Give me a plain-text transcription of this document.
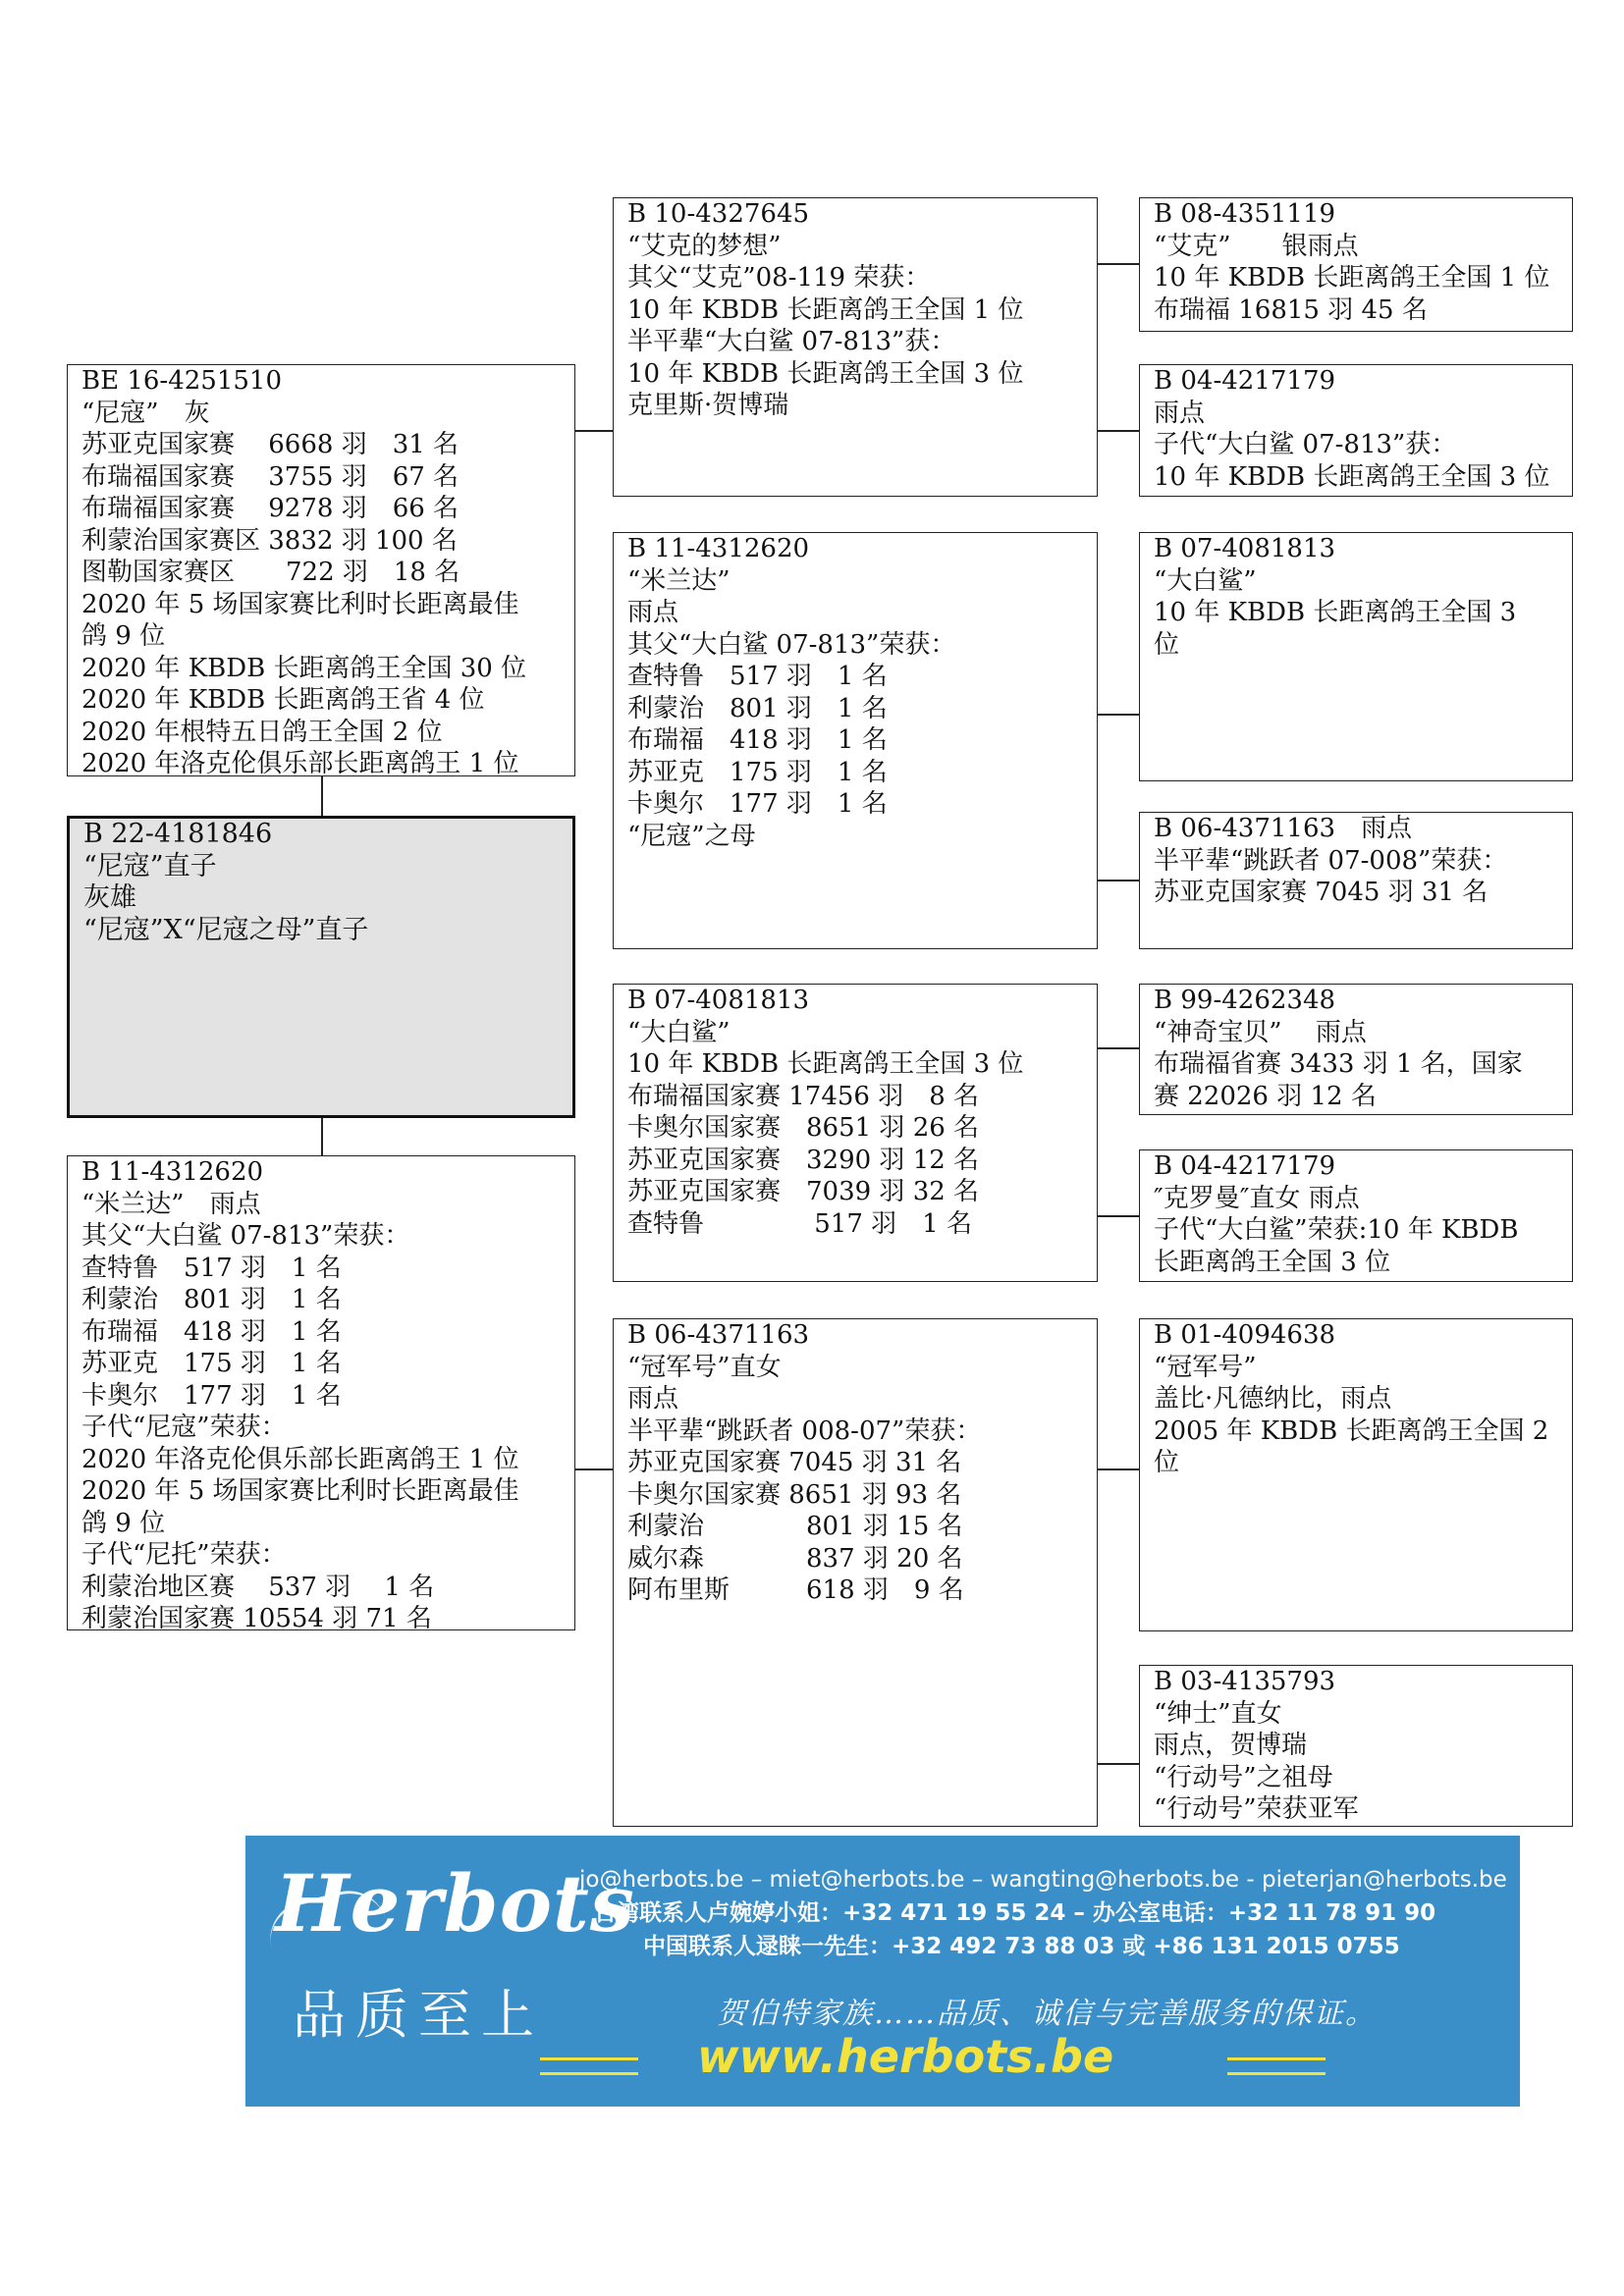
BE 16-4251510
“尼寇”　灰
苏亚克国家赛　 6668 羽　31 名
布瑞福国家赛　 3755 羽　67 名
布瑞福国家赛　 9278 羽　66 名
利蒙治国家赛区 3832 羽 100 名
图勒国家赛区　　722 羽　18 名
2020 年 5 场国家赛比利时长距离最佳
鸽 9 位
2020 年 KBDB 长距离鸽王全国 30 位
2020 年 KBDB 长距离鸽王省 4 位
2020 年根特五日鸽王全国 2 位
2020 年洛克伦俱乐部长距离鸽王 1 位
B 22-4181846
“尼寇”直子
灰雄
“尼寇”X“尼寇之母”直子
B 11-4312620
“米兰达”　雨点
其父“大白鲨 07-813”荣获：
查特鲁　517 羽　1 名
利蒙治　801 羽　1 名
布瑞福　418 羽　1 名
苏亚克　175 羽　1 名
卡奥尔　177 羽　1 名
子代“尼寇”荣获：
2020 年洛克伦俱乐部长距离鸽王 1 位
2020 年 5 场国家赛比利时长距离最佳
鸽 9 位
子代“尼托”荣获：
利蒙治地区赛　 537 羽　 1 名
利蒙治国家赛 10554 羽 71 名
B 10-4327645
“艾克的梦想”
其父“艾克”08-119 荣获：
10 年 KBDB 长距离鸽王全国 1 位
半平辈“大白鲨 07-813”获：
10 年 KBDB 长距离鸽王全国 3 位
克里斯·贺博瑞
B 11-4312620
“米兰达”
雨点
其父“大白鲨 07-813”荣获：
查特鲁　517 羽　1 名
利蒙治　801 羽　1 名
布瑞福　418 羽　1 名
苏亚克　175 羽　1 名
卡奥尔　177 羽　1 名
“尼寇”之母
B 07-4081813
“大白鲨”
10 年 KBDB 长距离鸽王全国 3 位
布瑞福国家赛 17456 羽　8 名
卡奥尔国家赛　8651 羽 26 名
苏亚克国家赛　3290 羽 12 名
苏亚克国家赛　7039 羽 32 名
查特鲁　　　　 517 羽　1 名
B 06-4371163
“冠军号”直女
雨点
半平辈“跳跃者 008-07”荣获：
苏亚克国家赛 7045 羽 31 名
卡奥尔国家赛 8651 羽 93 名
利蒙治　　　　801 羽 15 名
威尔森　　　　837 羽 20 名
阿布里斯　　　618 羽　9 名
B 08-4351119
“艾克”　　银雨点
10 年 KBDB 长距离鸽王全国 1 位
布瑞福 16815 羽 45 名
B 04-4217179
雨点
子代“大白鲨 07-813”获：
10 年 KBDB 长距离鸽王全国 3 位
B 07-4081813
“大白鲨”
10 年 KBDB 长距离鸽王全国 3
位
B 06-4371163　雨点
半平辈“跳跃者 07-008”荣获：
苏亚克国家赛 7045 羽 31 名
B 99-4262348
“神奇宝贝”　 雨点
布瑞福省赛 3433 羽 1 名，国家
赛 22026 羽 12 名
B 04-4217179
″克罗曼″直女 雨点
子代“大白鲨”荣获:10 年 KBDB
长距离鸽王全国 3 位
B 01-4094638
“冠军号”
盖比·凡德纳比，雨点
2005 年 KBDB 长距离鸽王全国 2
位
B 03-4135793
“绅士”直女
雨点，贺博瑞
“行动号”之祖母
“行动号”荣获亚军
Herbots
品质至上
jo@herbots.be – miet@herbots.be – wangting@herbots.be - pieterjan@herbots.be
台湾联系人卢婉婷小姐：+32 471 19 55 24 – 办公室电话：+32 11 78 91 90
中国联系人逯睐一先生：+32 492 73 88 03 或 +86 131 2015 0755
贺伯特家族……品质、诚信与完善服务的保证。
www.herbots.be
